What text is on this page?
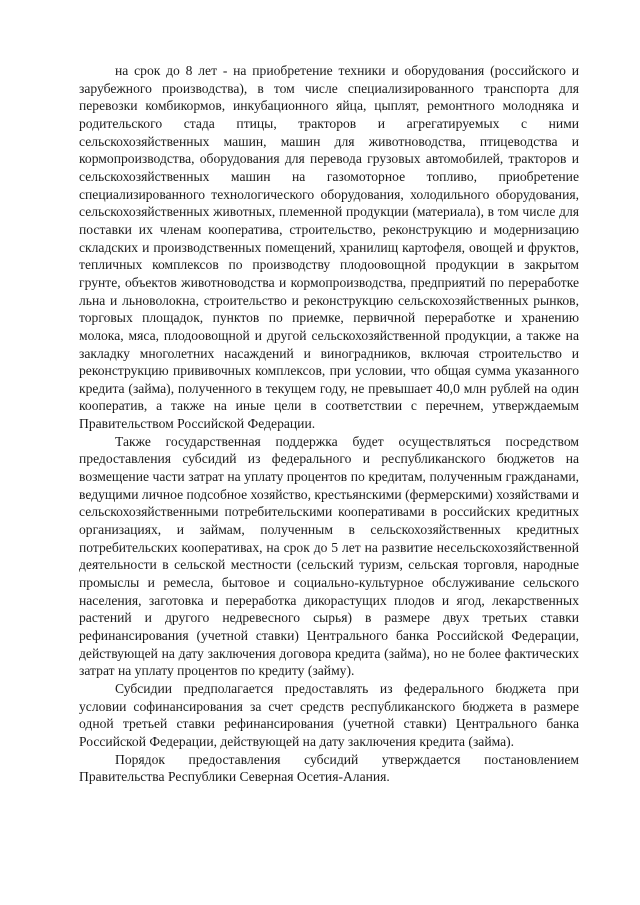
на срок до 8 лет - на приобретение техники и оборудования (российского и зарубежного производства), в том числе специализированного транспорта для перевозки комбикормов, инкубационного яйца, цыплят, ремонтного молодняка и родительского стада птицы, тракторов и агрегатируемых с ними сельскохозяйственных машин, машин для животноводства, птицеводства и кормопроизводства, оборудования для перевода грузовых автомобилей, тракторов и сельскохозяйственных машин на газомоторное топливо, приобретение специализированного технологического оборудования, холодильного оборудования, сельскохозяйственных животных, племенной продукции (материала), в том числе для поставки их членам кооператива, строительство, реконструкцию и модернизацию складских и производственных помещений, хранилищ картофеля, овощей и фруктов, тепличных комплексов по производству плодоовощной продукции в закрытом грунте, объектов животноводства и кормопроизводства, предприятий по переработке льна и льноволокна, строительство и реконструкцию сельскохозяйственных рынков, торговых площадок, пунктов по приемке, первичной переработке и хранению молока, мяса, плодоовощной и другой сельскохозяйственной продукции, а также на закладку многолетних насаждений и виноградников, включая строительство и реконструкцию прививочных комплексов, при условии, что общая сумма указанного кредита (займа), полученного в текущем году, не превышает 40,0 млн рублей на один кооператив, а также на иные цели в соответствии с перечнем, утверждаемым Правительством Российской Федерации.

Также государственная поддержка будет осуществляться посредством предоставления субсидий из федерального и республиканского бюджетов на возмещение части затрат на уплату процентов по кредитам, полученным гражданами, ведущими личное подсобное хозяйство, крестьянскими (фермерскими) хозяйствами и сельскохозяйственными потребительскими кооперативами в российских кредитных организациях, и займам, полученным в сельскохозяйственных кредитных потребительских кооперативах, на срок до 5 лет на развитие несельскохозяйственной деятельности в сельской местности (сельский туризм, сельская торговля, народные промыслы и ремесла, бытовое и социально-культурное обслуживание сельского населения, заготовка и переработка дикорастущих плодов и ягод, лекарственных растений и другого недревесного сырья) в размере двух третьих ставки рефинансирования (учетной ставки) Центрального банка Российской Федерации, действующей на дату заключения договора кредита (займа), но не более фактических затрат на уплату процентов по кредиту (займу).

Субсидии предполагается предоставлять из федерального бюджета при условии софинансирования за счет средств республиканского бюджета в размере одной третьей ставки рефинансирования (учетной ставки) Центрального банка Российской Федерации, действующей на дату заключения кредита (займа).

Порядок предоставления субсидий утверждается постановлением Правительства Республики Северная Осетия-Алания.
